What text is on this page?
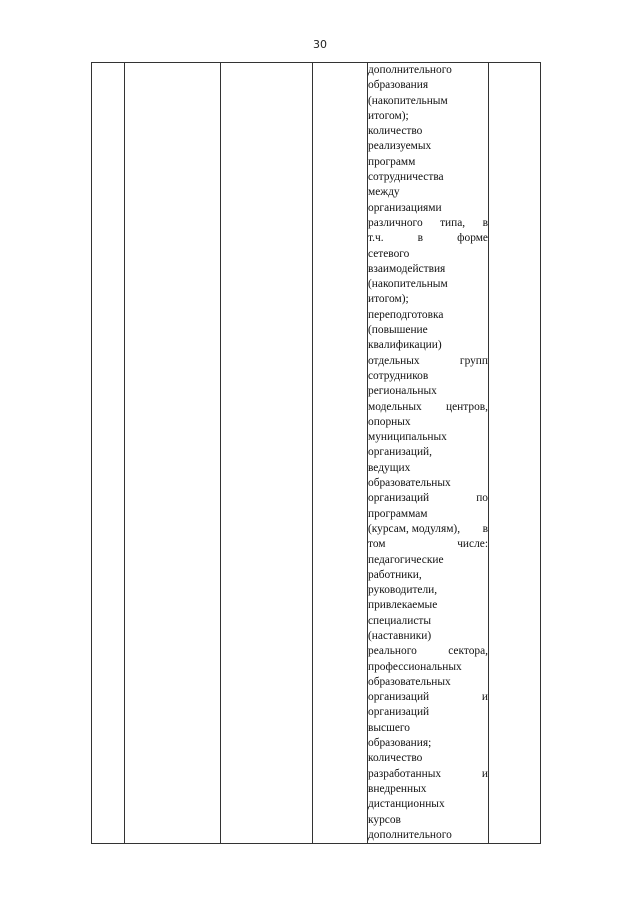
30

дополнительного
образования
(накопительным
итогом);
количество
реализуемых
программ
сотрудничества
между
организациями
различного типа, в
т.ч.	в	форме
сетевого
взаимодействия
(накопительным
итогом);
переподготовка
(повышение
квалификации)
отдельных	групп
сотрудников
региональных
модельных центров,
опорных
муниципальных
организаций,
ведущих
образовательных
организаций	по
программам
(курсам, модулям), в
том	числе:
педагогические
работники,
руководители,
привлекаемые
специалисты
(наставники)
реального	сектора,
профессиональных
образовательных
организаций	и
организаций
высшего
образования;
количество
разработанных	и
внедренных
дистанционных
курсов
дополнительного
